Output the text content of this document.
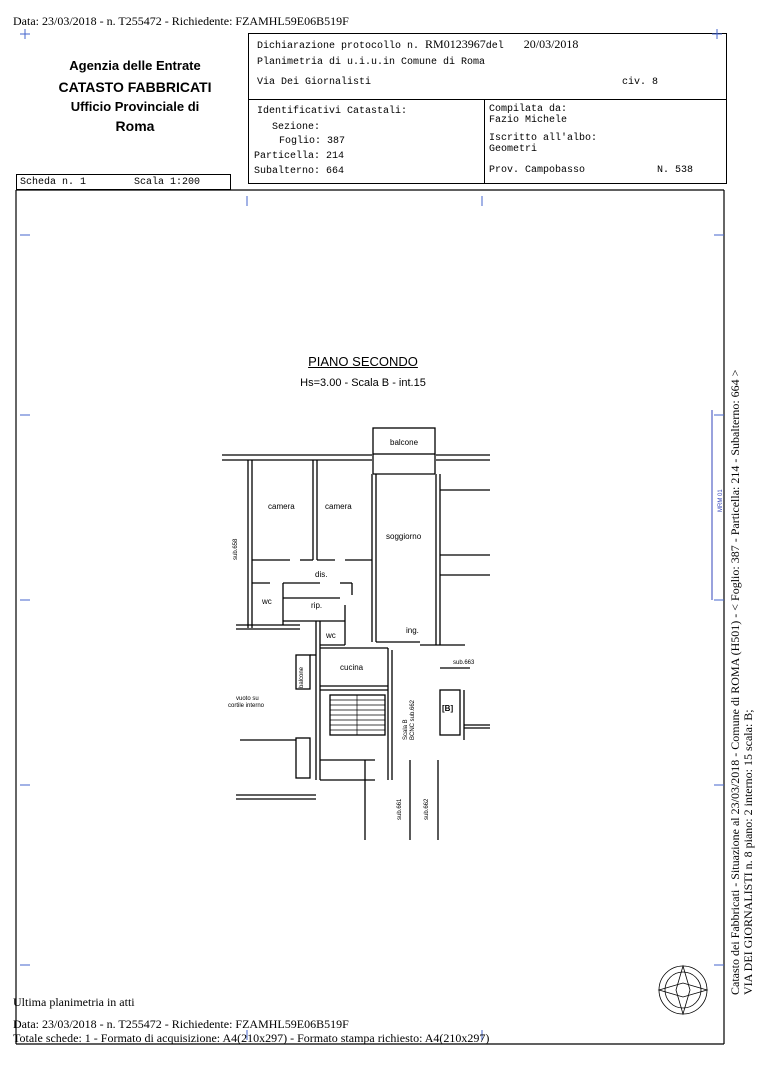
Data: 23/03/2018 - n. T255472 - Richiedente: FZAMHL59E06B519F
Agenzia delle Entrate
CATASTO FABBRICATI
Ufficio Provinciale di
Roma
Dichiarazione protocollo n. RM0123967del 20/03/2018
Planimetria di u.i.u.in Comune di Roma
Via Dei Giornalisti	civ. 8
Identificativi Catastali:
Sezione:
Foglio: 387
Particella: 214
Subalterno: 664
Compilata da:
Fazio Michele
Iscritto all'albo:
Geometri
Prov. Campobasso	N. 538
Scheda n. 1	Scala 1:200
PIANO SECONDO
Hs=3.00 - Scala B - int.15
balcone
camera	camera
soggiorno
dis.
wc	rip.
wc
ing.
cucina
balcone
sub.658
sub.663
vuoto su
cortile interno
Scala B BCNC sub.662	[B]
sub.661	sub.662
MRM 01 Catasto dei Fabbricati - Situazione al 23/03/2018 - Comune di ROMA (H501) - < Foglio: 387 - Particella: 214 - Subalterno: 664 > VIA DEI GIORNALISTI n. 8 piano: 2 interno: 15 scala: B;
Ultima planimetria in atti
Data: 23/03/2018 - n. T255472 - Richiedente: FZAMHL59E06B519F
Totale schede: 1 - Formato di acquisizione: A4(210x297) - Formato stampa richiesto: A4(210x297)
